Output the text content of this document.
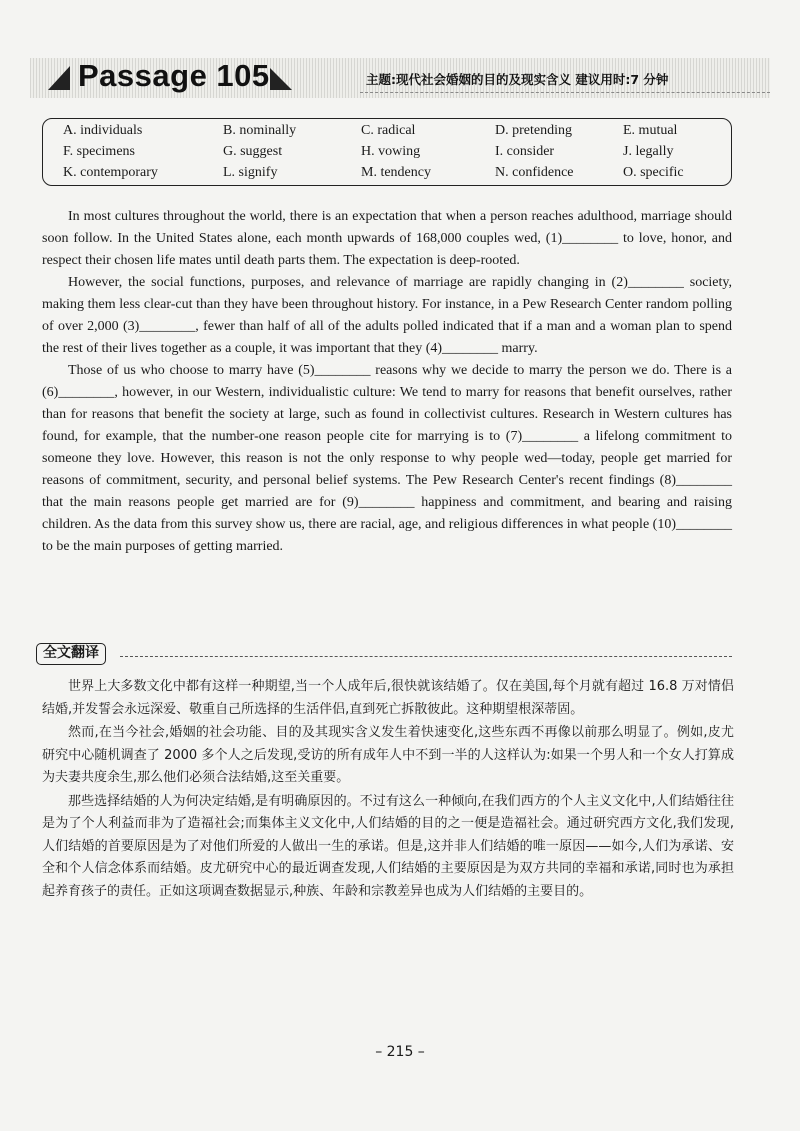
Passage 105	主题:现代社会婚姻的目的及现实含义 建议用时:7 分钟
A. individuals	B. nominally	C. radical	D. pretending	E. mutual
F. specimens	G. suggest	H. vowing	I. consider	J. legally
K. contemporary	L. signify	M. tendency	N. confidence	O. specific

In most cultures throughout the world, there is an expectation that when a person reaches adulthood, marriage should soon follow. In the United States alone, each month upwards of 168,000 couples wed, (1)________ to love, honor, and respect their chosen life mates until death parts them. The expectation is deep-rooted.

However, the social functions, purposes, and relevance of marriage are rapidly changing in (2)________ society, making them less clear-cut than they have been throughout history. For instance, in a Pew Research Center random polling of over 2,000 (3)________, fewer than half of all of the adults polled indicated that if a man and a woman plan to spend the rest of their lives together as a couple, it was important that they (4)________ marry.

Those of us who choose to marry have (5)________ reasons why we decide to marry the person we do. There is a (6)________, however, in our Western, individualistic culture: We tend to marry for reasons that benefit ourselves, rather than for reasons that benefit the society at large, such as found in collectivist cultures. Research in Western cultures has found, for example, that the number-one reason people cite for marrying is to (7)________ a lifelong commitment to someone they love. However, this reason is not the only response to why people wed—today, people get married for reasons of commitment, security, and personal belief systems. The Pew Research Center's recent findings (8)________ that the main reasons people get married are for (9)________ happiness and commitment, and bearing and raising children. As the data from this survey show us, there are racial, age, and religious differences in what people (10)________ to be the main purposes of getting married.

全文翻译

世界上大多数文化中都有这样一种期望,当一个人成年后,很快就该结婚了。仅在美国,每个月就有超过 16.8 万对情侣结婚,并发誓会永远深爱、敬重自己所选择的生活伴侣,直到死亡拆散彼此。这种期望根深蒂固。

然而,在当今社会,婚姻的社会功能、目的及其现实含义发生着快速变化,这些东西不再像以前那么明显了。例如,皮尤研究中心随机调查了 2000 多个人之后发现,受访的所有成年人中不到一半的人这样认为:如果一个男人和一个女人打算成为夫妻共度余生,那么他们必须合法结婚,这至关重要。

那些选择结婚的人为何决定结婚,是有明确原因的。不过有这么一种倾向,在我们西方的个人主义文化中,人们结婚往往是为了个人利益而非为了造福社会;而集体主义文化中,人们结婚的目的之一便是造福社会。通过研究西方文化,我们发现,人们结婚的首要原因是为了对他们所爱的人做出一生的承诺。但是,这并非人们结婚的唯一原因——如今,人们为承诺、安全和个人信念体系而结婚。皮尤研究中心的最近调查发现,人们结婚的主要原因是为双方共同的幸福和承诺,同时也为承担起养育孩子的责任。正如这项调查数据显示,种族、年龄和宗教差异也成为人们结婚的主要目的。

– 215 –
